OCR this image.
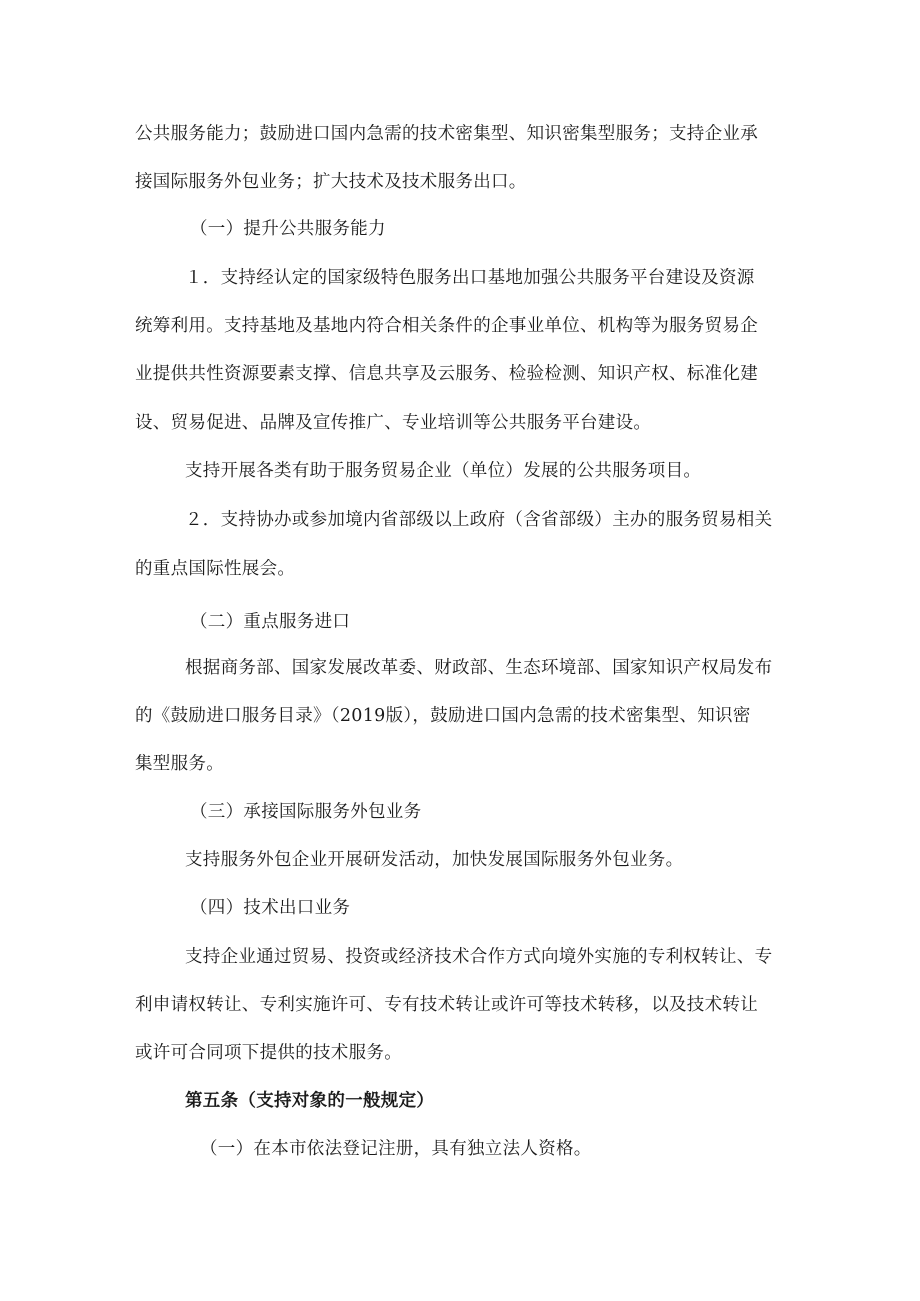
公共服务能力；鼓励进口国内急需的技术密集型、知识密集型服务；支持企业承
接国际服务外包业务；扩大技术及技术服务出口。
（一）提升公共服务能力
１．支持经认定的国家级特色服务出口基地加强公共服务平台建设及资源
统筹利用。支持基地及基地内符合相关条件的企事业单位、机构等为服务贸易企
业提供共性资源要素支撑、信息共享及云服务、检验检测、知识产权、标准化建
设、贸易促进、品牌及宣传推广、专业培训等公共服务平台建设。
支持开展各类有助于服务贸易企业（单位）发展的公共服务项目。
２．支持协办或参加境内省部级以上政府（含省部级）主办的服务贸易相关
的重点国际性展会。
（二）重点服务进口
根据商务部、国家发展改革委、财政部、生态环境部、国家知识产权局发布
的《鼓励进口服务目录》（2019版），鼓励进口国内急需的技术密集型、知识密
集型服务。
（三）承接国际服务外包业务
支持服务外包企业开展研发活动，加快发展国际服务外包业务。
（四）技术出口业务
支持企业通过贸易、投资或经济技术合作方式向境外实施的专利权转让、专
利申请权转让、专利实施许可、专有技术转让或许可等技术转移，以及技术转让
或许可合同项下提供的技术服务。
第五条（支持对象的一般规定）
（一）在本市依法登记注册，具有独立法人资格。
